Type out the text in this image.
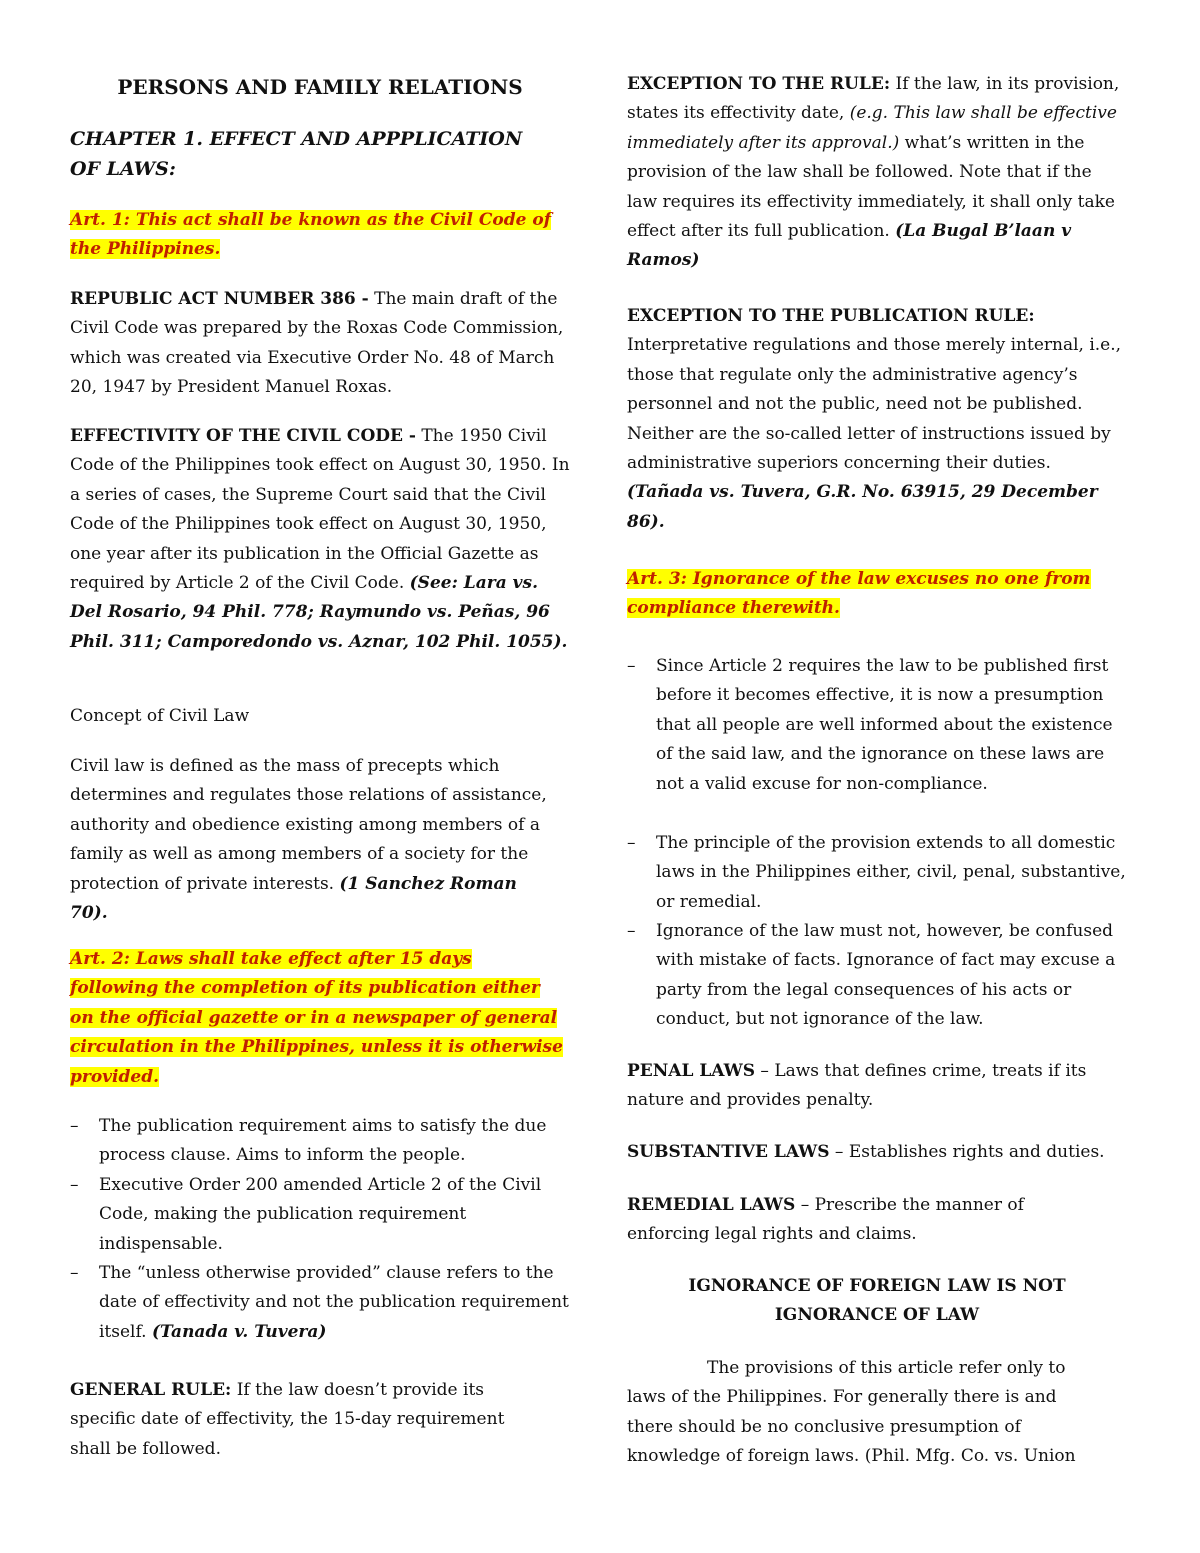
PERSONS AND FAMILY RELATIONS
CHAPTER 1. EFFECT AND APPPLICATION OF LAWS:

Art. 1: This act shall be known as the Civil Code of the Philippines.

REPUBLIC ACT NUMBER 386 - The main draft of the Civil Code was prepared by the Roxas Code Commission, which was created via Executive Order No. 48 of March 20, 1947 by President Manuel Roxas.

EFFECTIVITY OF THE CIVIL CODE - The 1950 Civil Code of the Philippines took effect on August 30, 1950. In a series of cases, the Supreme Court said that the Civil Code of the Philippines took effect on August 30, 1950, one year after its publication in the Official Gazette as required by Article 2 of the Civil Code. (See: Lara vs. Del Rosario, 94 Phil. 778; Raymundo vs. Peñas, 96 Phil. 311; Camporedondo vs. Aznar, 102 Phil. 1055).

Concept of Civil Law

Civil law is defined as the mass of precepts which determines and regulates those relations of assistance, authority and obedience existing among members of a family as well as among members of a society for the protection of private interests. (1 Sanchez Roman 70).

Art. 2: Laws shall take effect after 15 days following the completion of its publication either on the official gazette or in a newspaper of general circulation in the Philippines, unless it is otherwise provided.

– The publication requirement aims to satisfy the due process clause. Aims to inform the people.

– Executive Order 200 amended Article 2 of the Civil Code, making the publication requirement indispensable.

– The “unless otherwise provided” clause refers to the date of effectivity and not the publication requirement itself. (Tanada v. Tuvera)

GENERAL RULE: If the law doesn’t provide its specific date of effectivity, the 15-day requirement shall be followed.

EXCEPTION TO THE RULE: If the law, in its provision, states its effectivity date, (e.g. This law shall be effective immediately after its approval.) what’s written in the provision of the law shall be followed. Note that if the law requires its effectivity immediately, it shall only take effect after its full publication. (La Bugal B’laan v Ramos)

EXCEPTION TO THE PUBLICATION RULE: Interpretative regulations and those merely internal, i.e., those that regulate only the administrative agency’s personnel and not the public, need not be published. Neither are the so-called letter of instructions issued by administrative superiors concerning their duties. (Tañada vs. Tuvera, G.R. No. 63915, 29 December 86).

Art. 3: Ignorance of the law excuses no one from compliance therewith.

– Since Article 2 requires the law to be published first before it becomes effective, it is now a presumption that all people are well informed about the existence of the said law, and the ignorance on these laws are not a valid excuse for non-compliance.

– The principle of the provision extends to all domestic laws in the Philippines either, civil, penal, substantive, or remedial.

– Ignorance of the law must not, however, be confused with mistake of facts. Ignorance of fact may excuse a party from the legal consequences of his acts or conduct, but not ignorance of the law.

PENAL LAWS – Laws that defines crime, treats if its nature and provides penalty.

SUBSTANTIVE LAWS – Establishes rights and duties.

REMEDIAL LAWS – Prescribe the manner of enforcing legal rights and claims.

IGNORANCE OF FOREIGN LAW IS NOT IGNORANCE OF LAW

The provisions of this article refer only to laws of the Philippines. For generally there is and there should be no conclusive presumption of knowledge of foreign laws. (Phil. Mfg. Co. vs. Union
